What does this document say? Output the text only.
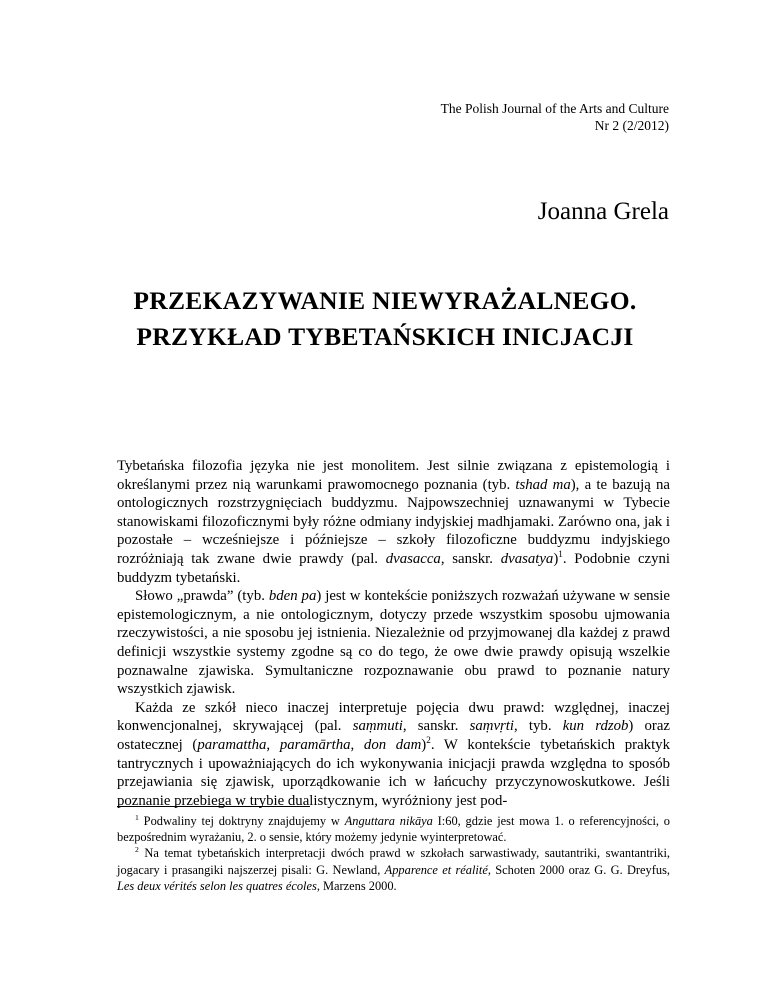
The Polish Journal of the Arts and Culture
Nr 2 (2/2012)
Joanna Grela
PRZEKAZYWANIE NIEWYRAŻALNEGO.
PRZYKŁAD TYBETAŃSKICH INICJACJI

Tybetańska filozofia języka nie jest monolitem. Jest silnie związana z epistemologią i określanymi przez nią warunkami prawomocnego poznania (tyb. tshad ma), a te bazują na ontologicznych rozstrzygnięciach buddyzmu. Najpowszechniej uznawanymi w Tybecie stanowiskami filozoficznymi były różne odmiany indyjskiej madhjamaki. Zarówno ona, jak i pozostałe – wcześniejsze i późniejsze – szkoły filozoficzne buddyzmu indyjskiego rozróżniają tak zwane dwie prawdy (pal. dvasacca, sanskr. dvasatya)$^1$. Podobnie czyni buddyzm tybetański.

Słowo „prawda” (tyb. bden pa) jest w kontekście poniższych rozważań używane w sensie epistemologicznym, a nie ontologicznym, dotyczy przede wszystkim sposobu ujmowania rzeczywistości, a nie sposobu jej istnienia. Niezależnie od przyjmowanej dla każdej z prawd definicji wszystkie systemy zgodne są co do tego, że owe dwie prawdy opisują wszelkie poznawalne zjawiska. Symultaniczne rozpoznawanie obu prawd to poznanie natury wszystkich zjawisk.

Każda ze szkół nieco inaczej interpretuje pojęcia dwu prawd: względnej, inaczej konwencjonalnej, skrywającej (pal. saṃmuti, sanskr. saṃvṛti, tyb. kun rdzob) oraz ostatecznej (paramattha, paramārtha, don dam)$^2$. W kontekście tybetańskich praktyk tantrycznych i upoważniających do ich wykonywania inicjacji prawda względna to sposób przejawiania się zjawisk, uporządkowanie ich w łańcuchy przyczynowoskutkowe. Jeśli poznanie przebiega w trybie dualistycznym, wyróżniony jest pod-

$^1$ Podwaliny tej doktryny znajdujemy w Anguttara nikāya I:60, gdzie jest mowa 1. o referencyjności, o bezpośrednim wyrażaniu, 2. o sensie, który możemy jedynie wyinterpretować.

$^2$ Na temat tybetańskich interpretacji dwóch prawd w szkołach sarwastiwady, sautantriki, swantantriki, jogacary i prasangiki najszerzej pisali: G. Newland, Apparence et réalité, Schoten 2000 oraz G. G. Dreyfus, Les deux vérités selon les quatres écoles, Marzens 2000.
